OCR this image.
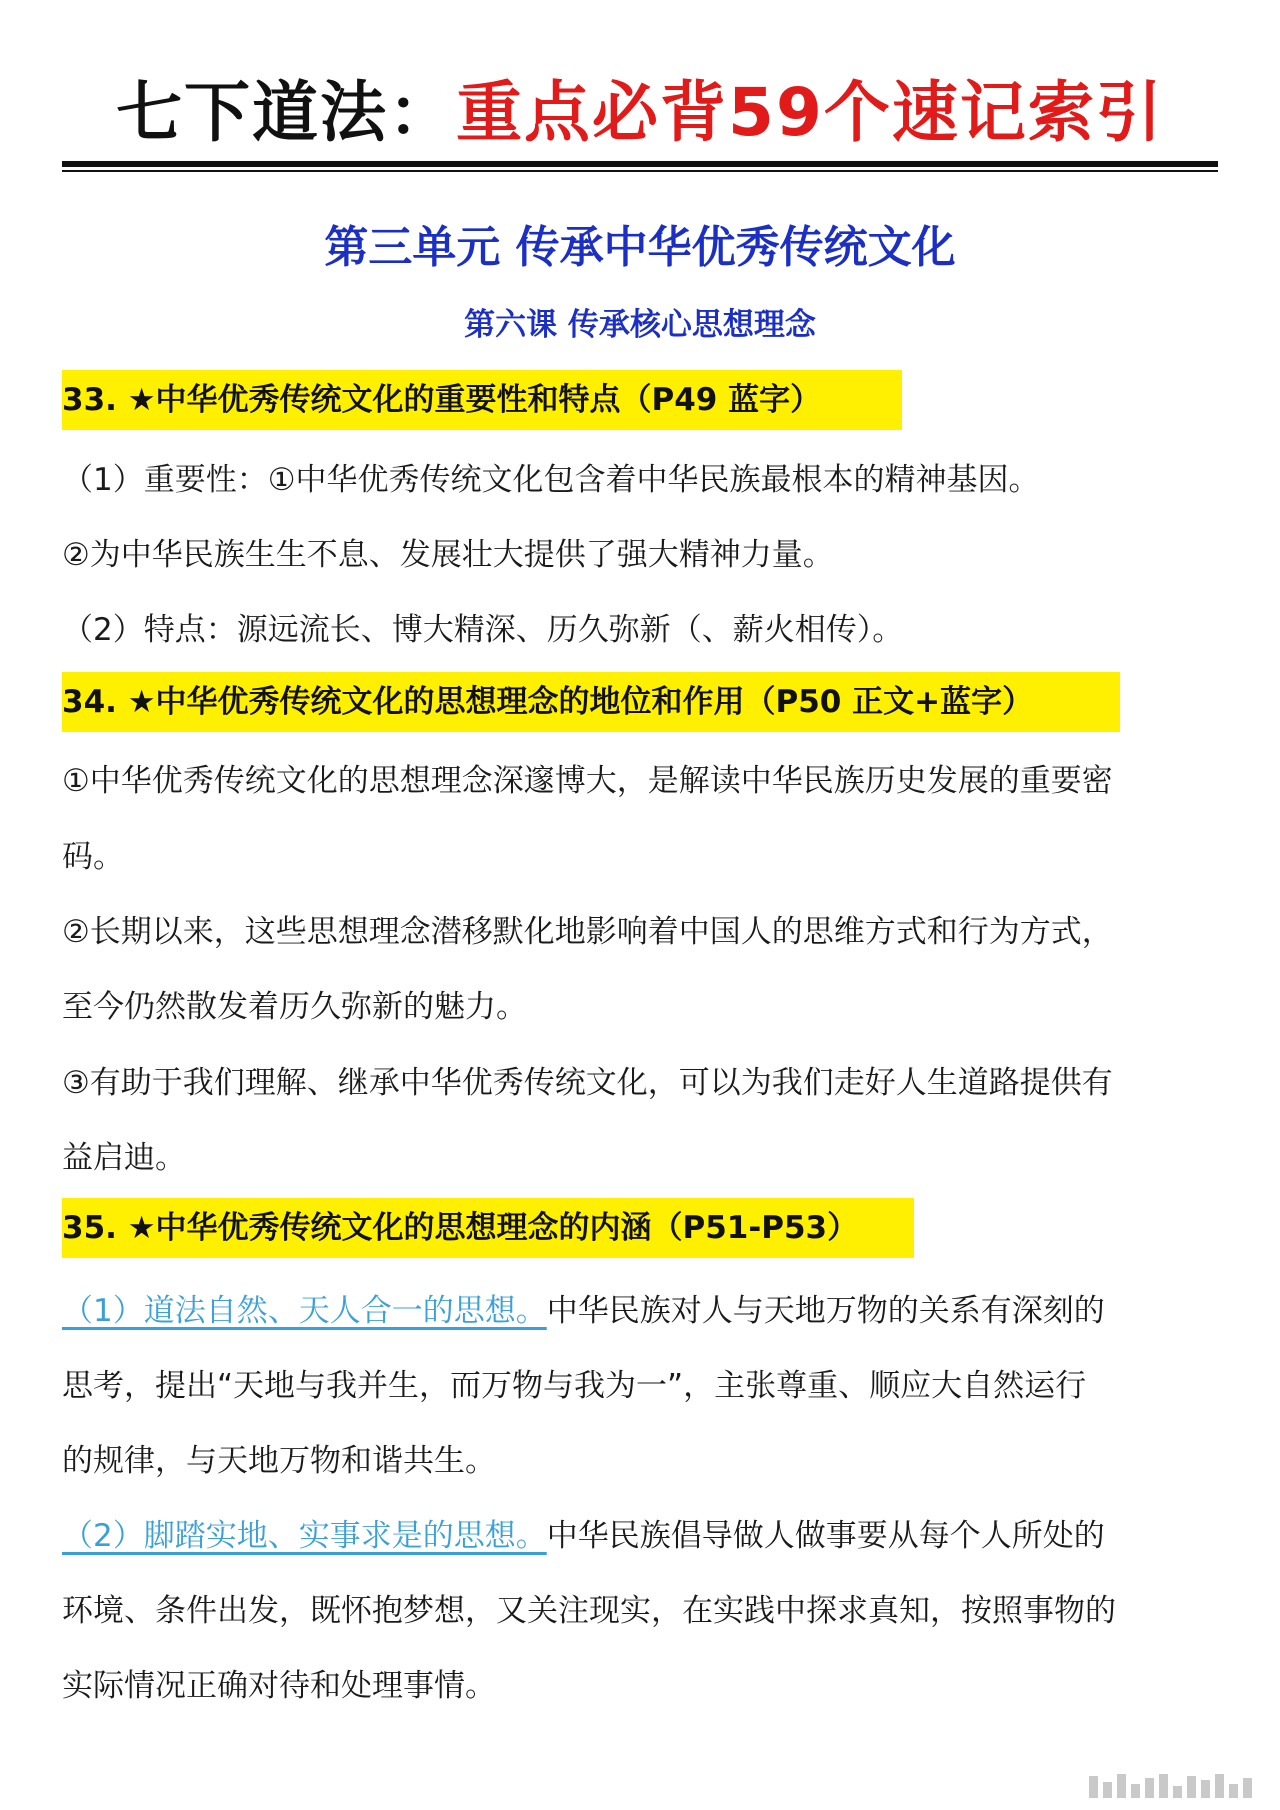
七下道法：重点必背59个速记索引
第三单元 传承中华优秀传统文化
第六课 传承核心思想理念
33. ★中华优秀传统文化的重要性和特点（P49 蓝字）
（1）重要性：①中华优秀传统文化包含着中华民族最根本的精神基因。
②为中华民族生生不息、发展壮大提供了强大精神力量。
（2）特点：源远流长、博大精深、历久弥新（、薪火相传）。
34. ★中华优秀传统文化的思想理念的地位和作用（P50 正文+蓝字）
①中华优秀传统文化的思想理念深邃博大，是解读中华民族历史发展的重要密
码。
②长期以来，这些思想理念潜移默化地影响着中国人的思维方式和行为方式，
至今仍然散发着历久弥新的魅力。
③有助于我们理解、继承中华优秀传统文化，可以为我们走好人生道路提供有
益启迪。
35. ★中华优秀传统文化的思想理念的内涵（P51-P53）
（1）道法自然、天人合一的思想。中华民族对人与天地万物的关系有深刻的
思考，提出“天地与我并生，而万物与我为一”，主张尊重、顺应大自然运行
的规律，与天地万物和谐共生。
（2）脚踏实地、实事求是的思想。中华民族倡导做人做事要从每个人所处的
环境、条件出发，既怀抱梦想，又关注现实，在实践中探求真知，按照事物的
实际情况正确对待和处理事情。
